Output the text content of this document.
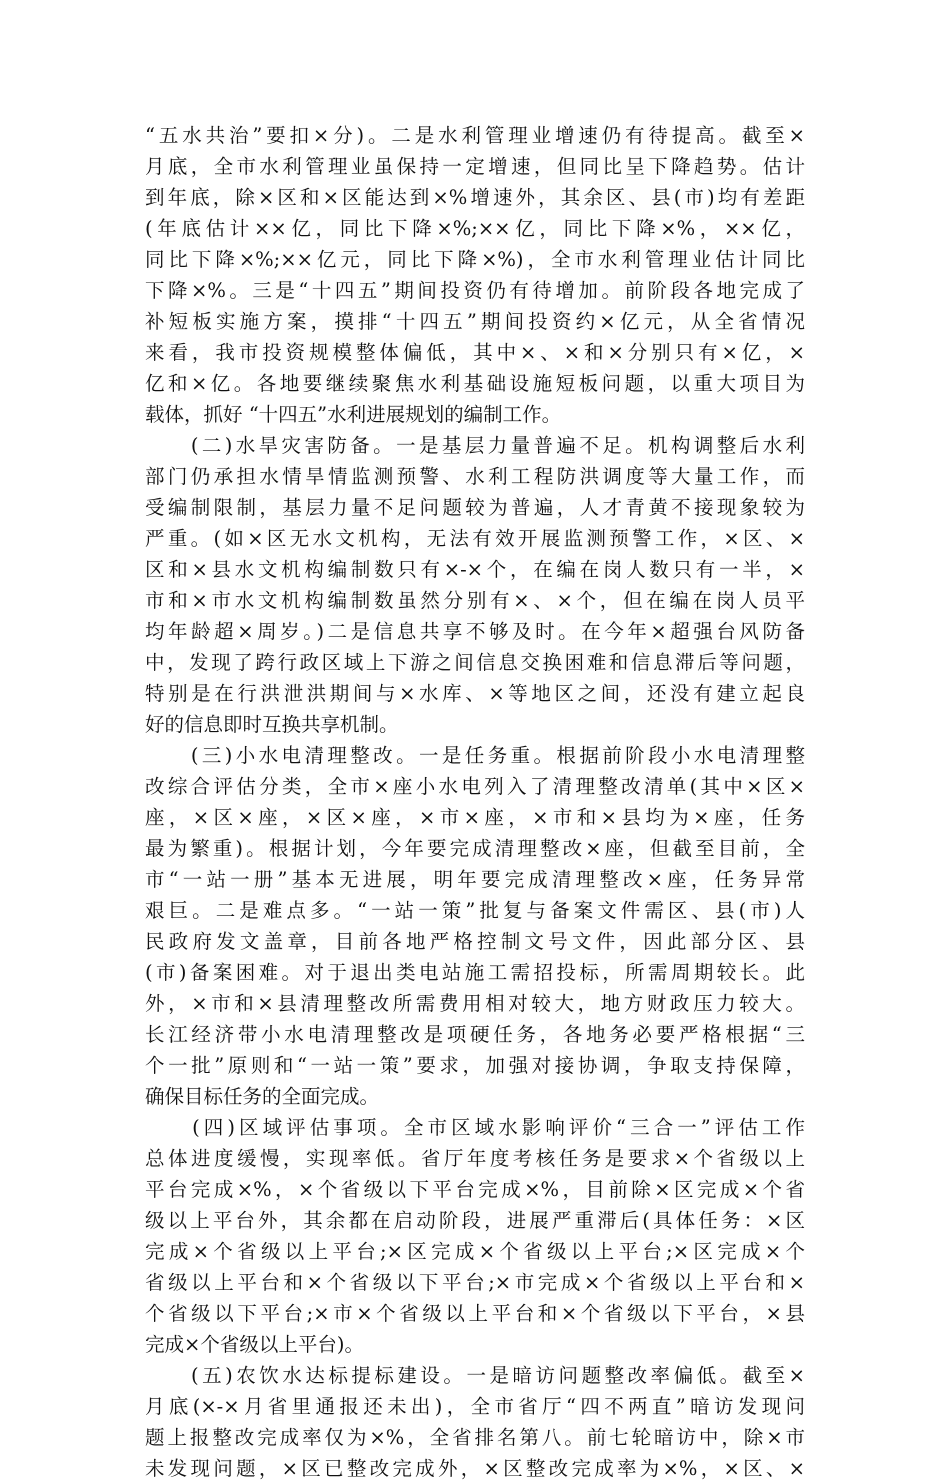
“五水共治”要扣×分)。二是水利管理业增速仍有待提高。截至×
月底，全市水利管理业虽保持一定增速，但同比呈下降趋势。估计
到年底，除×区和×区能达到×%增速外，其余区、县(市)均有差距
(年底估计××亿，同比下降×%;××亿，同比下降×%，××亿，
同比下降×%;××亿元，同比下降×%)，全市水利管理业估计同比
下降×%。三是“十四五”期间投资仍有待增加。前阶段各地完成了
补短板实施方案，摸排“十四五”期间投资约×亿元，从全省情况
来看，我市投资规模整体偏低，其中×、×和×分别只有×亿，×
亿和×亿。各地要继续聚焦水利基础设施短板问题，以重大项目为
载体，抓好 “十四五”水利进展规划的编制工作。
　　(二)水旱灾害防备。一是基层力量普遍不足。机构调整后水利
部门仍承担水情旱情监测预警、水利工程防洪调度等大量工作，而
受编制限制，基层力量不足问题较为普遍，人才青黄不接现象较为
严重。(如×区无水文机构，无法有效开展监测预警工作，×区、×
区和×县水文机构编制数只有×-×个，在编在岗人数只有一半，×
市和×市水文机构编制数虽然分别有×、×个，但在编在岗人员平
均年龄超×周岁。)二是信息共享不够及时。在今年×超强台风防备
中，发现了跨行政区域上下游之间信息交换困难和信息滞后等问题，
特别是在行洪泄洪期间与×水库、×等地区之间，还没有建立起良
好的信息即时互换共享机制。
　　(三)小水电清理整改。一是任务重。根据前阶段小水电清理整
改综合评估分类，全市×座小水电列入了清理整改清单(其中×区×
座，×区×座，×区×座，×市×座，×市和×县均为×座，任务
最为繁重)。根据计划，今年要完成清理整改×座，但截至目前，全
市“一站一册”基本无进展，明年要完成清理整改×座，任务异常
艰巨。二是难点多。“一站一策”批复与备案文件需区、县(市)人
民政府发文盖章，目前各地严格控制文号文件，因此部分区、县
(市)备案困难。对于退出类电站施工需招投标，所需周期较长。此
外，×市和×县清理整改所需费用相对较大，地方财政压力较大。
长江经济带小水电清理整改是项硬任务，各地务必要严格根据“三
个一批”原则和“一站一策”要求，加强对接协调，争取支持保障，
确保目标任务的全面完成。
　　(四)区域评估事项。全市区域水影响评价“三合一”评估工作
总体进度缓慢，实现率低。省厅年度考核任务是要求×个省级以上
平台完成×%，×个省级以下平台完成×%，目前除×区完成×个省
级以上平台外，其余都在启动阶段，进展严重滞后(具体任务：×区
完成×个省级以上平台;×区完成×个省级以上平台;×区完成×个
省级以上平台和×个省级以下平台;×市完成×个省级以上平台和×
个省级以下平台;×市×个省级以上平台和×个省级以下平台，×县
完成×个省级以上平台)。
　　(五)农饮水达标提标建设。一是暗访问题整改率偏低。截至×
月底(×-×月省里通报还未出)，全市省厅“四不两直”暗访发现问
题上报整改完成率仅为×%，全省排名第八。前七轮暗访中，除×市
未发现问题，×区已整改完成外，×区整改完成率为×%，×区、×
